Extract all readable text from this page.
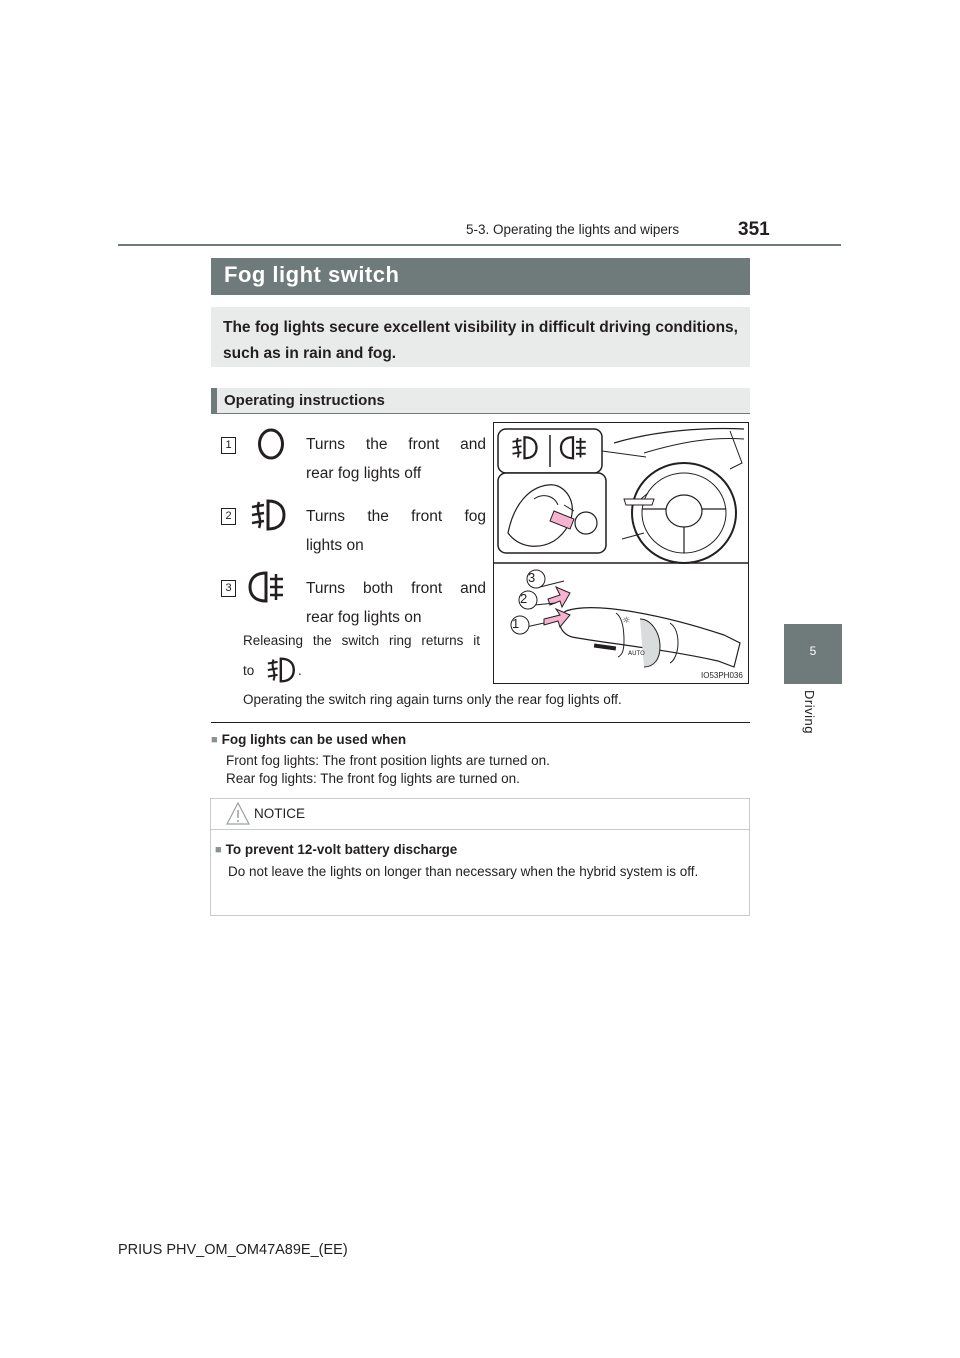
5-3. Operating the lights and wipers	351
5
Driving
Fog light switch
The fog lights secure excellent visibility in difficult driving conditions, such as in rain and fog.
Operating instructions
1	Turns the front and
rear fog lights off
2	Turns the front fog
lights on
3	Turns both front and
rear fog lights on
Releasing the switch ring returns it
to	.
Operating the switch ring again turns only the rear fog lights off.
☼
AUTO
3
2
1
IO53PH036
■ Fog lights can be used when
Front fog lights: The front position lights are turned on.
Rear fog lights: The front fog lights are turned on.
NOTICE
■ To prevent 12-volt battery discharge
Do not leave the lights on longer than necessary when the hybrid system is off.
PRIUS PHV_OM_OM47A89E_(EE)
